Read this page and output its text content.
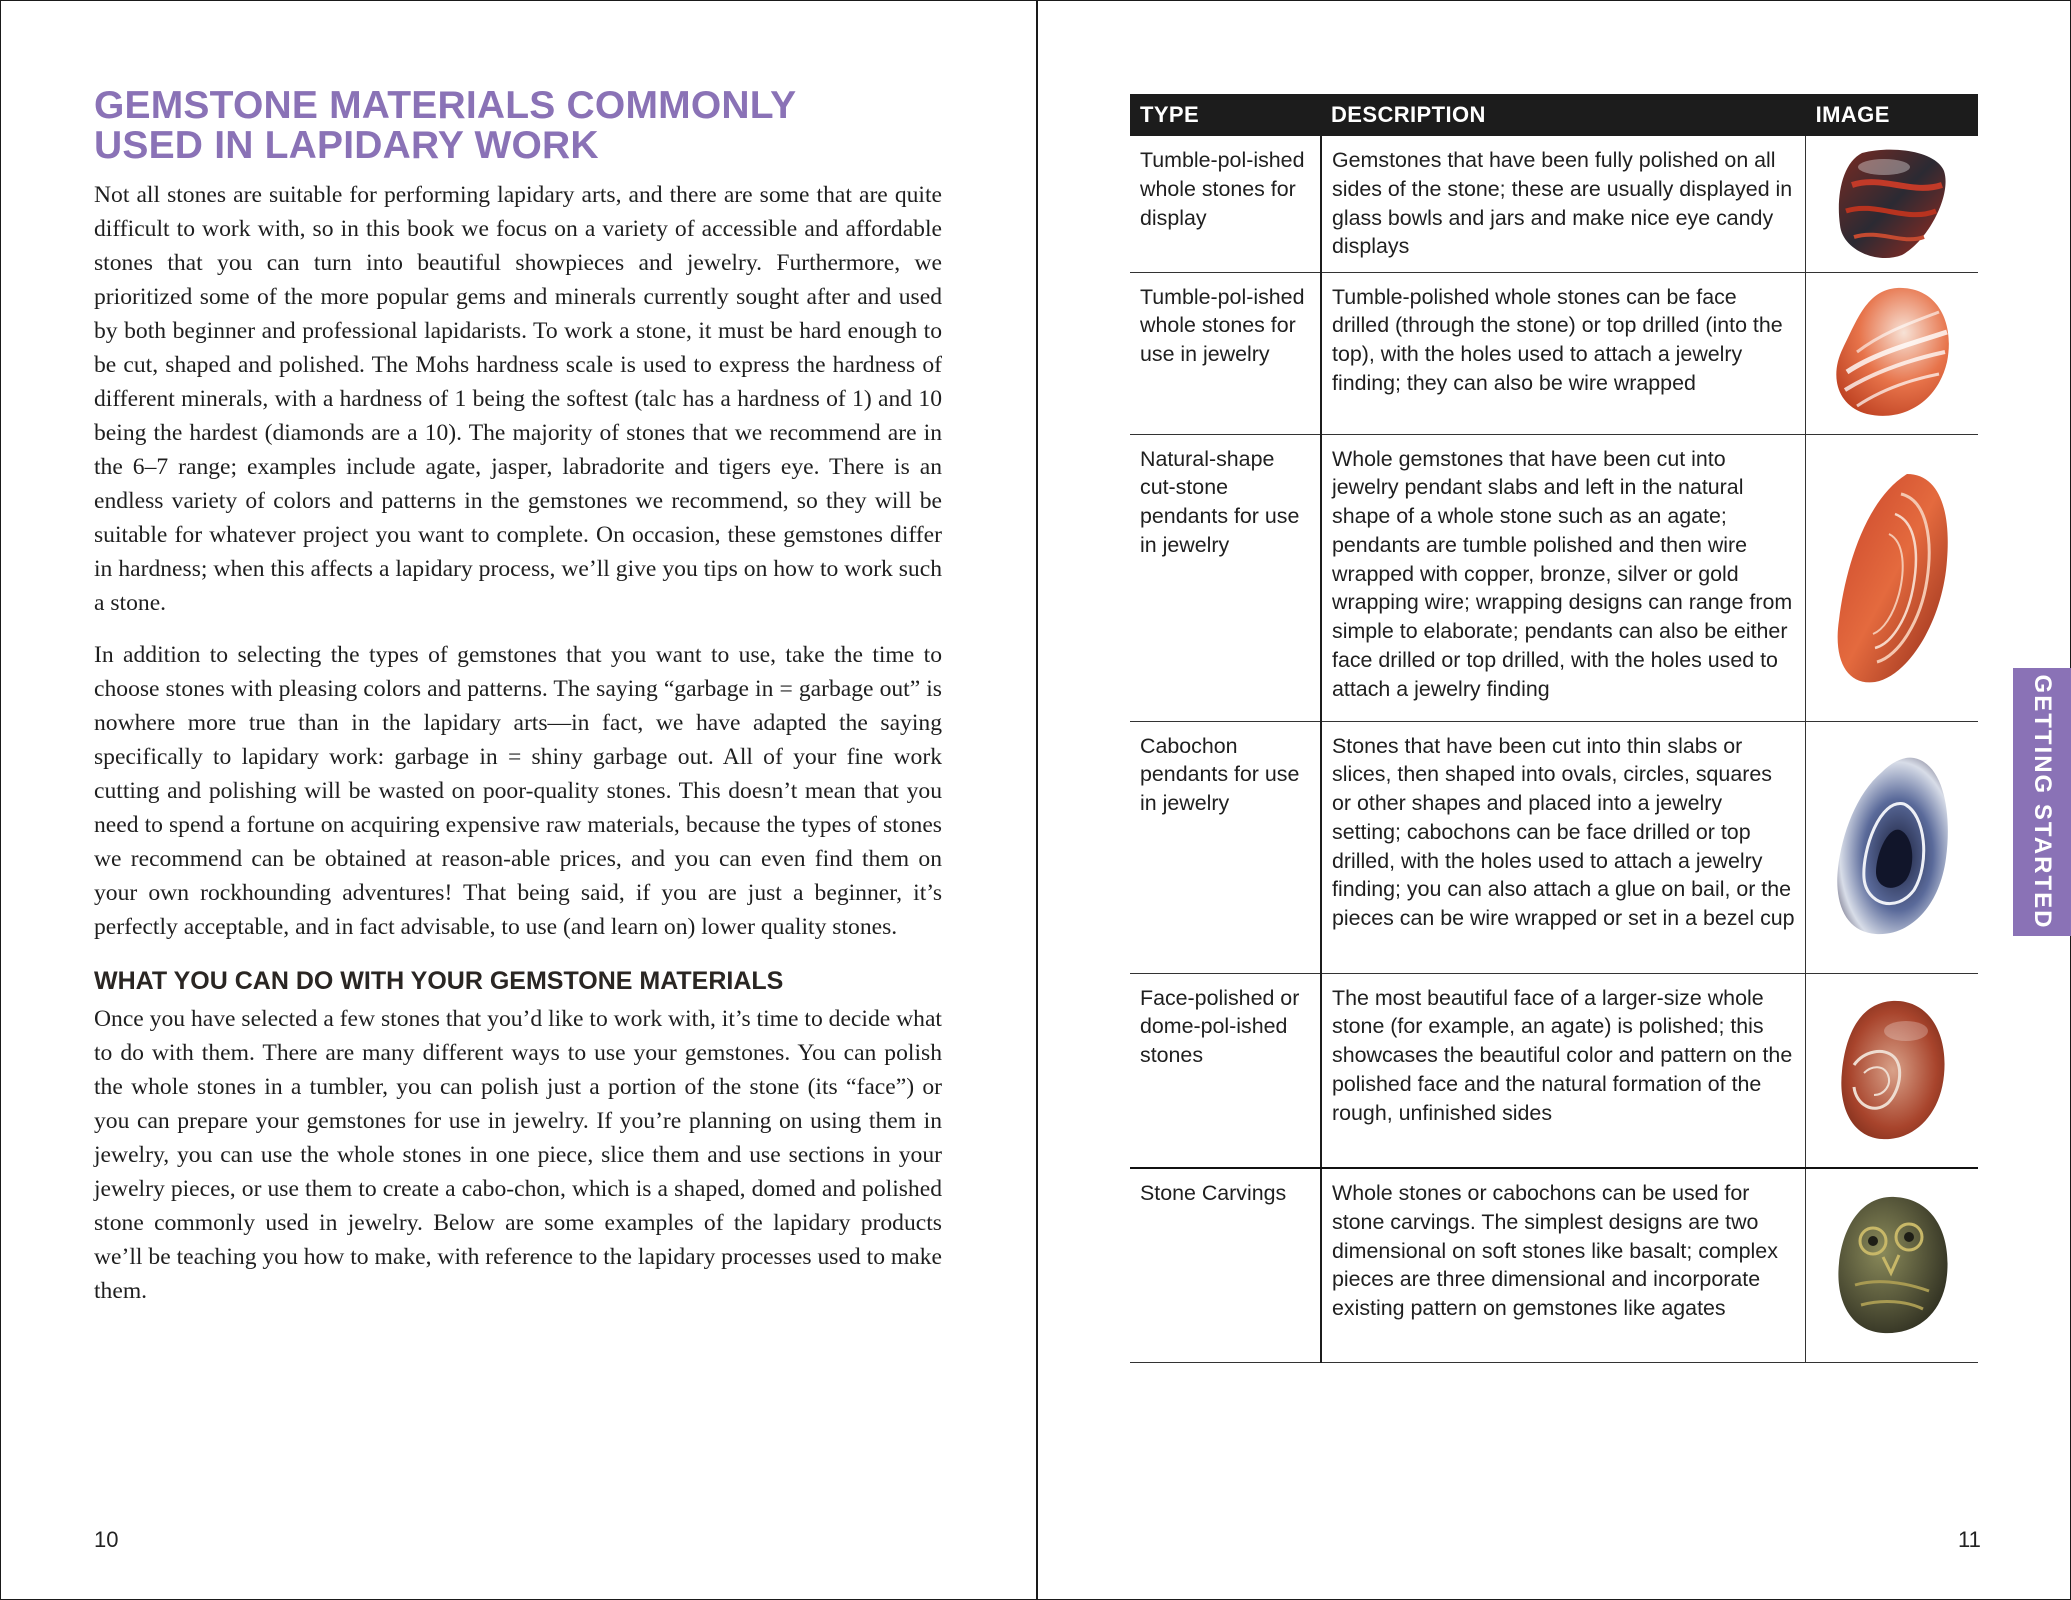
GEMSTONE MATERIALS COMMONLY
USED IN LAPIDARY WORK

Not all stones are suitable for performing lapidary arts, and there are some that are quite difficult to work with, so in this book we focus on a variety of accessible and affordable stones that you can turn into beautiful showpieces and jewelry. Furthermore, we prioritized some of the more popular gems and minerals currently sought after and used by both beginner and professional lapidarists. To work a stone, it must be hard enough to be cut, shaped and polished. The Mohs hardness scale is used to express the hardness of different minerals, with a hardness of 1 being the softest (talc has a hardness of 1) and 10 being the hardest (diamonds are a 10). The majority of stones that we recommend are in the 6–7 range; examples include agate, jasper, labradorite and tigers eye. There is an endless variety of colors and patterns in the gemstones we recommend, so they will be suitable for whatever project you want to complete. On occasion, these gemstones differ in hardness; when this affects a lapidary process, we’ll give you tips on how to work such a stone.

In addition to selecting the types of gemstones that you want to use, take the time to choose stones with pleasing colors and patterns. The saying “garbage in = garbage out” is nowhere more true than in the lapidary arts—in fact, we have adapted the saying specifically to lapidary work: garbage in = shiny garbage out. All of your fine work cutting and polishing will be wasted on poor-quality stones. This doesn’t mean that you need to spend a fortune on acquiring expensive raw materials, because the types of stones we recommend can be obtained at reason-able prices, and you can even find them on your own rockhounding adventures! That being said, if you are just a beginner, it’s perfectly acceptable, and in fact advisable, to use (and learn on) lower quality stones.

WHAT YOU CAN DO WITH YOUR GEMSTONE MATERIALS

Once you have selected a few stones that you’d like to work with, it’s time to decide what to do with them. There are many different ways to use your gemstones. You can polish the whole stones in a tumbler, you can polish just a portion of the stone (its “face”) or you can prepare your gemstones for use in jewelry. If you’re planning on using them in jewelry, you can use the whole stones in one piece, slice them and use sections in your jewelry pieces, or use them to create a cabo-chon, which is a shaped, domed and polished stone commonly used in jewelry. Below are some examples of the lapidary products we’ll be teaching you how to make, with reference to the lapidary processes used to make them.

10
TYPE	DESCRIPTION	IMAGE
Tumble-pol-ished whole stones for display	Gemstones that have been fully polished on all sides of the stone; these are usually displayed in glass bowls and jars and make nice eye candy displays	

Tumble-pol-ished whole stones for use in jewelry	Tumble-polished whole stones can be face drilled (through the stone) or top drilled (into the top), with the holes used to attach a jewelry finding; they can also be wire wrapped	

Natural-shape cut-stone pendants for use in jewelry	Whole gemstones that have been cut into jewelry pendant slabs and left in the natural shape of a whole stone such as an agate; pendants are tumble polished and then wire wrapped with copper, bronze, silver or gold wrapping wire; wrapping designs can range from simple to elaborate; pendants can also be either face drilled or top drilled, with the holes used to attach a jewelry finding	

Cabochon pendants for use in jewelry	Stones that have been cut into thin slabs or slices, then shaped into ovals, circles, squares or other shapes and placed into a jewelry setting; cabochons can be face drilled or top drilled, with the holes used to attach a jewelry finding; you can also attach a glue on bail, or the pieces can be wire wrapped or set in a bezel cup	

Face-polished or dome-pol-ished stones	The most beautiful face of a larger-size whole stone (for example, an agate) is polished; this showcases the beautiful color and pattern on the polished face and the natural formation of the rough, unfinished sides	

Stone Carvings	Whole stones or cabochons can be used for stone carvings. The simplest designs are two dimensional on soft stones like basalt; complex pieces are three dimensional and incorporate existing pattern on gemstones like agates	
GETTING STARTED
11
